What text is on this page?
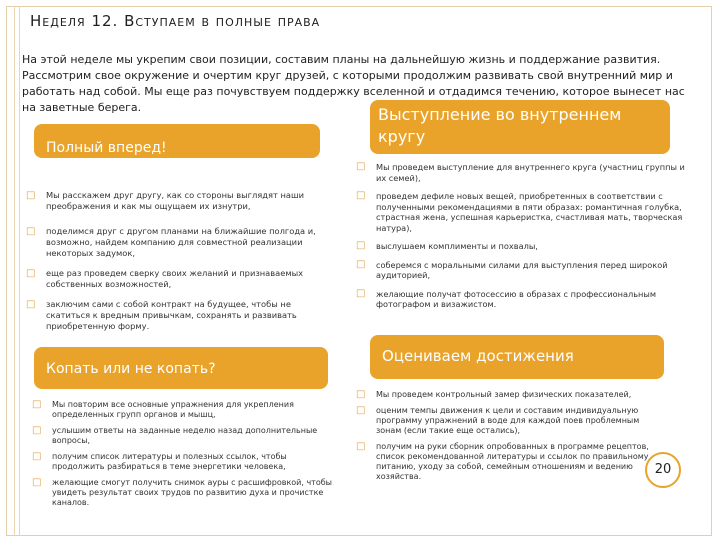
Неделя 12. Вступаем в полные права
На этой неделе мы укрепим свои позиции, составим планы на дальнейшую жизнь и поддержание развития. Рассмотрим свое окружение и очертим круг друзей, с которыми продолжим развивать свой внутренний мир и работать над собой. Мы еще раз почувствуем поддержку вселенной и отдадимся течению, которое вынесет нас на заветные берега.
Полный вперед!
□ Мы расскажем друг другу, как со стороны выглядят наши преображения и как мы ощущаем их изнутри,
□ поделимся друг с другом планами на ближайшие полгода и, возможно, найдем компанию для совместной реализации некоторых задумок,
□ еще раз проведем сверку своих желаний и признаваемых собственных возможностей,
□ заключим сами с собой контракт на будущее, чтобы не скатиться к вредным привычкам, сохранять и развивать приобретенную форму.
Выступление во внутреннем кругу
□ Мы проведем выступление для внутреннего круга (участниц группы и их семей),
□ проведем дефиле новых вещей, приобретенных в соответствии с полученными рекомендациями в пяти образах: романтичная голубка, страстная жена, успешная карьеристка, счастливая мать, творческая натура),
□ выслушаем комплименты и похвалы,
□ соберемся с моральными силами для выступления перед широкой аудиторией,
□ желающие получат фотосессию в образах с профессиональным фотографом и визажистом.
Копать или не копать?
□ Мы повторим все основные упражнения для укрепления определенных групп органов и мышц,
□ услышим ответы на заданные неделю назад дополнительные вопросы,
□ получим список литературы и полезных ссылок, чтобы продолжить разбираться в теме энергетики человека,
□ желающие смогут получить снимок ауры с расшифровкой, чтобы увидеть результат своих трудов по развитию духа и прочистке каналов.
Оцениваем достижения
□ Мы проведем контрольный замер физических показателей,
□ оценим темпы движения к цели и составим индивидуальную программу упражнений в воде для каждой поев проблемным зонам (если такие еще остались),
□ получим на руки сборник опробованных в программе рецептов, список рекомендованной литературы и ссылок по правильному питанию, уходу за собой, семейным отношениям и ведению хозяйства.	20
